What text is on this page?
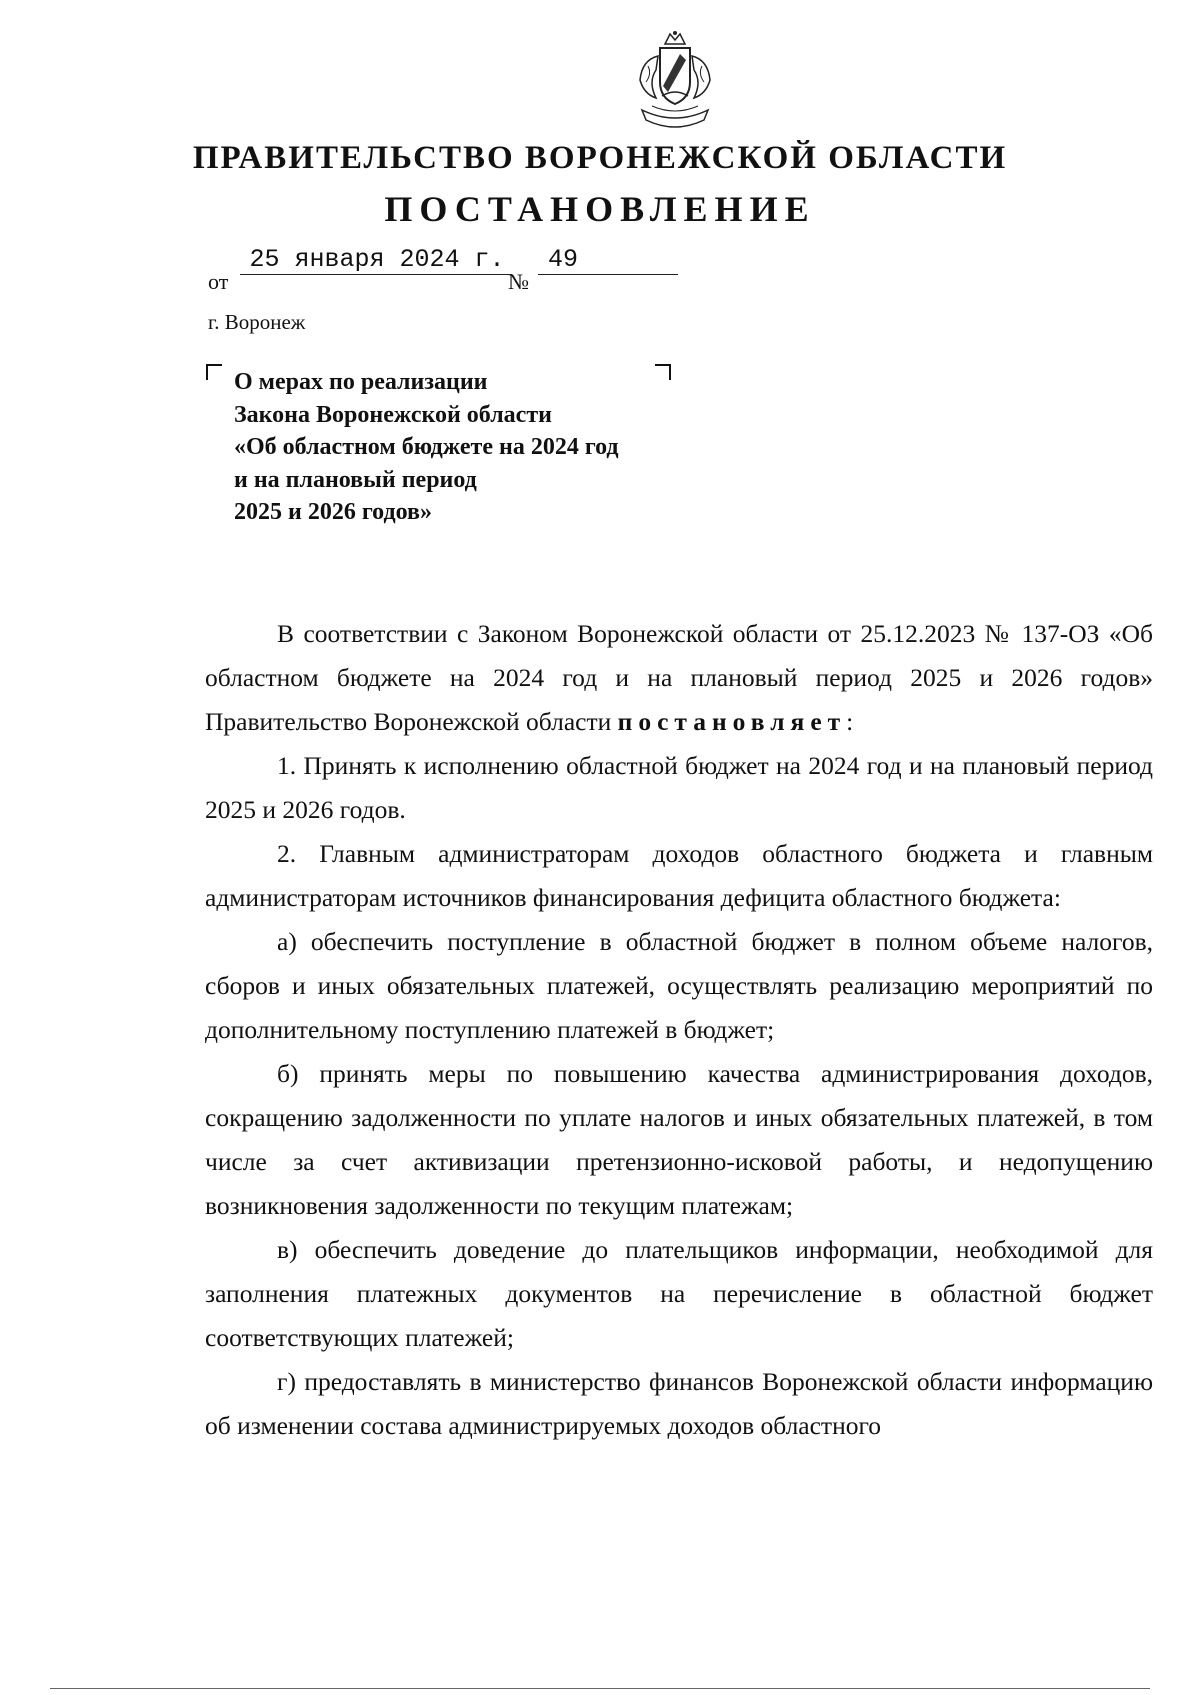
ПРАВИТЕЛЬСТВО ВОРОНЕЖСКОЙ ОБЛАСТИ
ПОСТАНОВЛЕНИЕ
от
25 января 2024 г.
№
49
г. Воронеж
О мерах по реализации
Закона Воронежской области
«Об областном бюджете на 2024 год
и на плановый период
2025 и 2026 годов»

В соответствии с Законом Воронежской области от 25.12.2023 № 137-ОЗ «Об областном бюджете на 2024 год и на плановый период 2025 и 2026 годов» Правительство Воронежской области постановляет:

1. Принять к исполнению областной бюджет на 2024 год и на плановый период 2025 и 2026 годов.

2. Главным администраторам доходов областного бюджета и главным администраторам источников финансирования дефицита областного бюджета:

а) обеспечить поступление в областной бюджет в полном объеме налогов, сборов и иных обязательных платежей, осуществлять реализацию мероприятий по дополнительному поступлению платежей в бюджет;

б) принять меры по повышению качества администрирования доходов, сокращению задолженности по уплате налогов и иных обязательных платежей, в том числе за счет активизации претензионно-исковой работы, и недопущению возникновения задолженности по текущим платежам;

в) обеспечить доведение до плательщиков информации, необходимой для заполнения платежных документов на перечисление в областной бюджет соответствующих платежей;

г) предоставлять в министерство финансов Воронежской области информацию об изменении состава администрируемых доходов областного
